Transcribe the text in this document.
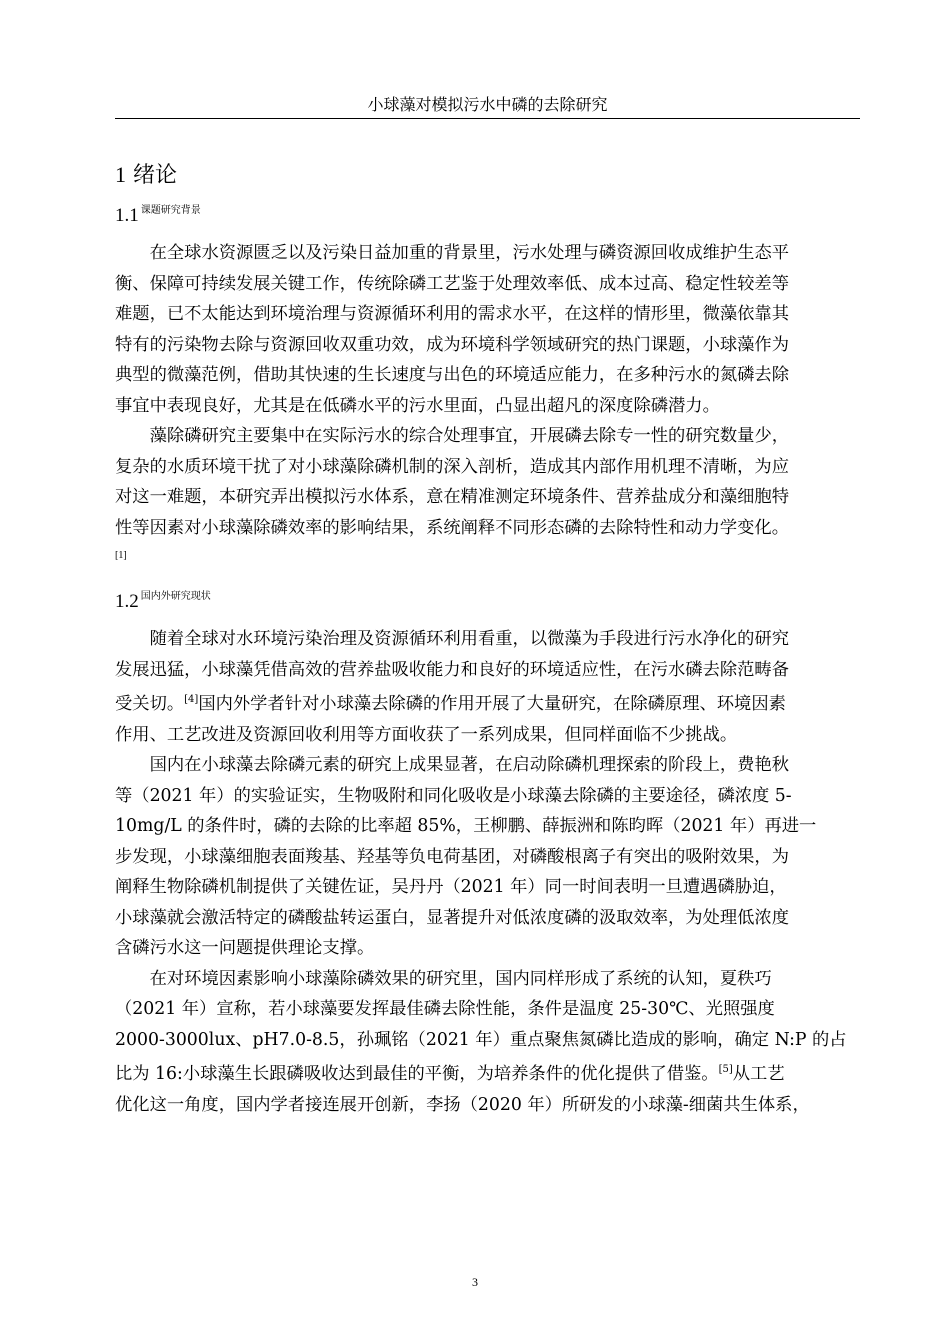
小球藻对模拟污水中磷的去除研究
1 绪论
1.1 $^{课题研究背景}$

在全球水资源匮乏以及污染日益加重的背景里，污水处理与磷资源回收成维护生态平
衡、保障可持续发展关键工作，传统除磷工艺鉴于处理效率低、成本过高、稳定性较差等
难题，已不太能达到环境治理与资源循环利用的需求水平，在这样的情形里，微藻依靠其
特有的污染物去除与资源回收双重功效，成为环境科学领域研究的热门课题，小球藻作为
典型的微藻范例，借助其快速的生长速度与出色的环境适应能力，在多种污水的氮磷去除
事宜中表现良好，尤其是在低磷水平的污水里面，凸显出超凡的深度除磷潜力。

藻除磷研究主要集中在实际污水的综合处理事宜，开展磷去除专一性的研究数量少，
复杂的水质环境干扰了对小球藻除磷机制的深入剖析，造成其内部作用机理不清晰，为应
对这一难题，本研究弄出模拟污水体系，意在精准测定环境条件、营养盐成分和藻细胞特
性等因素对小球藻除磷效率的影响结果，系统阐释不同形态磷的去除特性和动力学变化。

[1]
1.2 $^{国内外研究现状}$

随着全球对水环境污染治理及资源循环利用看重，以微藻为手段进行污水净化的研究
发展迅猛，小球藻凭借高效的营养盐吸收能力和良好的环境适应性，在污水磷去除范畴备
受关切。[4]国内外学者针对小球藻去除磷的作用开展了大量研究，在除磷原理、环境因素
作用、工艺改进及资源回收利用等方面收获了一系列成果，但同样面临不少挑战。

国内在小球藻去除磷元素的研究上成果显著，在启动除磷机理探索的阶段上，费艳秋
等（2021 年）的实验证实，生物吸附和同化吸收是小球藻去除磷的主要途径，磷浓度 5-
10mg/L 的条件时，磷的去除的比率超 85%，王柳鹏、薛振洲和陈昀晖（2021 年）再进一
步发现，小球藻细胞表面羧基、羟基等负电荷基团，对磷酸根离子有突出的吸附效果，为
阐释生物除磷机制提供了关键佐证，吴丹丹（2021 年）同一时间表明一旦遭遇磷胁迫，
小球藻就会激活特定的磷酸盐转运蛋白，显著提升对低浓度磷的汲取效率，为处理低浓度
含磷污水这一问题提供理论支撑。

在对环境因素影响小球藻除磷效果的研究里，国内同样形成了系统的认知，夏秩巧
（2021 年）宣称，若小球藻要发挥最佳磷去除性能，条件是温度 25-30℃、光照强度
2000-3000lux、pH7.0-8.5，孙珮铭（2021 年）重点聚焦氮磷比造成的影响，确定 N:P 的占
比为 16:小球藻生长跟磷吸收达到最佳的平衡，为培养条件的优化提供了借鉴。[5]从工艺
优化这一角度，国内学者接连展开创新，李扬（2020 年）所研发的小球藻-细菌共生体系，

3
